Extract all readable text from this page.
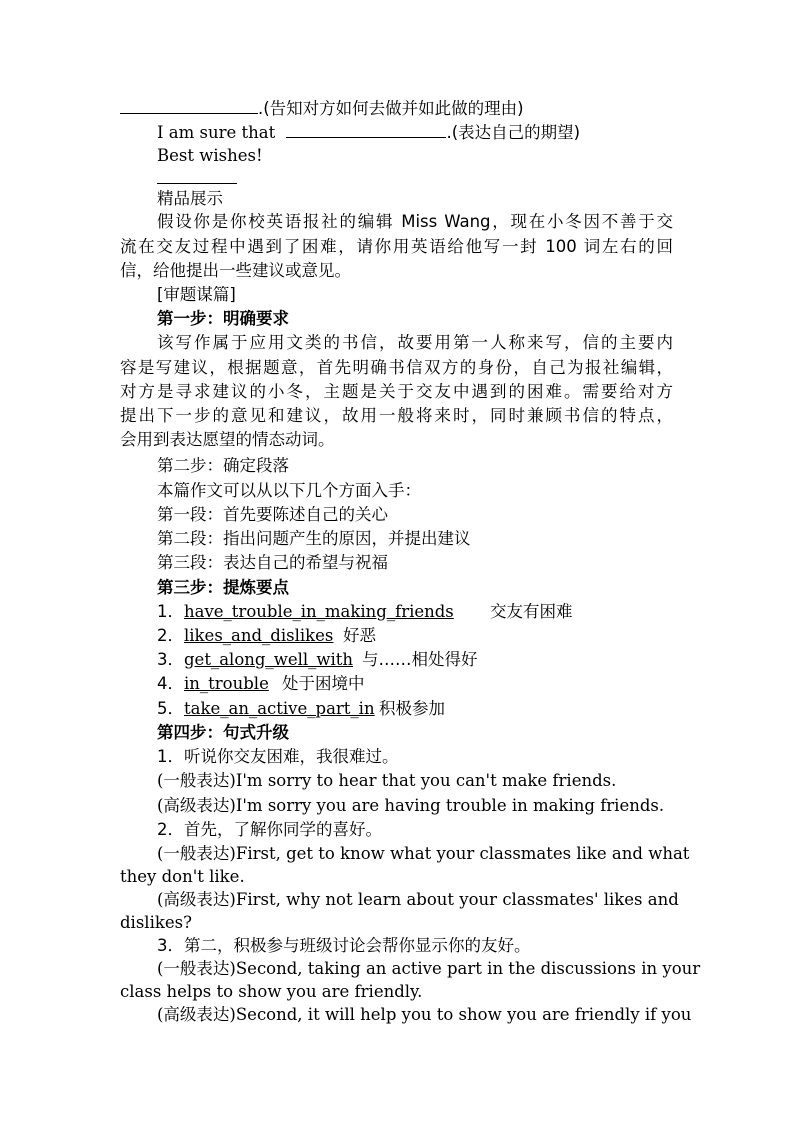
.(告知对方如何去做并如此做的理由)
I am sure that	.(表达自己的期望)
Best wishes!
精品展示
假设你是你校英语报社的编辑 Miss Wang，现在小冬因不善于交
流在交友过程中遇到了困难，请你用英语给他写一封 100 词左右的回
信，给他提出一些建议或意见。
[审题谋篇]
第一步：明确要求
该写作属于应用文类的书信，故要用第一人称来写，信的主要内
容是写建议，根据题意，首先明确书信双方的身份，自己为报社编辑，
对方是寻求建议的小冬，主题是关于交友中遇到的困难。需要给对方
提出下一步的意见和建议，故用一般将来时，同时兼顾书信的特点，
会用到表达愿望的情态动词。
第二步：确定段落
本篇作文可以从以下几个方面入手：
第一段：首先要陈述自己的关心
第二段：指出问题产生的原因，并提出建议
第三段：表达自己的希望与祝福
第三步：提炼要点
1．have_trouble_in_making_friends 交友有困难
2．likes_and_dislikes 好恶
3．get_along_well_with 与……相处得好
4．in_trouble 处于困境中
5．take_an_active_part_in 积极参加
第四步：句式升级
1．听说你交友困难，我很难过。
(一般表达)I'm sorry to hear that you can't make friends.
(高级表达)I'm sorry you are having trouble in making friends.
2．首先，了解你同学的喜好。
(一般表达)First, get to know what your classmates like and what
they don't like.
(高级表达)First, why not learn about your classmates' likes and
dislikes?
3．第二，积极参与班级讨论会帮你显示你的友好。
(一般表达)Second, taking an active part in the discussions in your
class helps to show you are friendly.
(高级表达)Second, it will help you to show you are friendly if you
